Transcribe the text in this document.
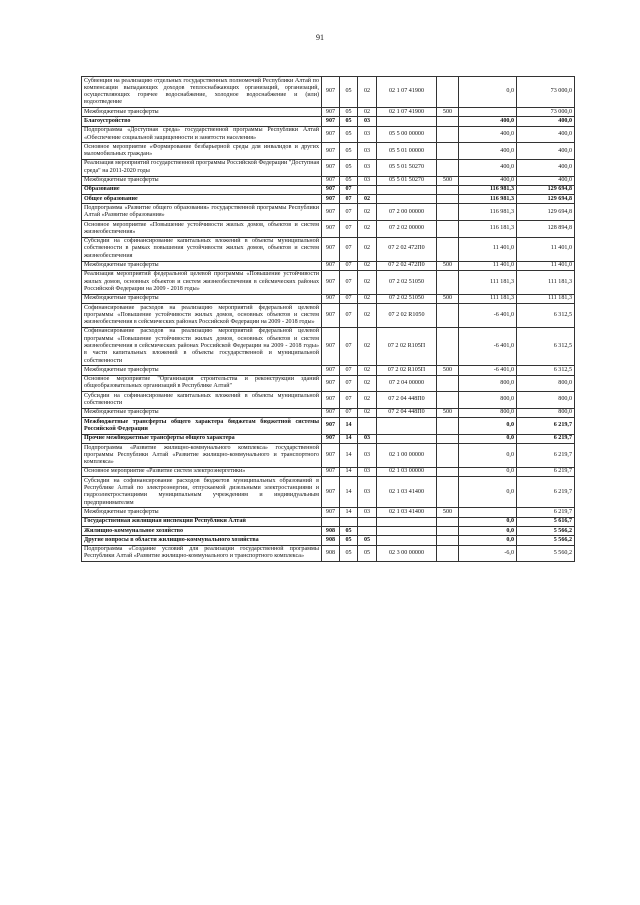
91
Субвенция на реализацию отдельных государственных полномочий Республики Алтай по компенсации выпадающих доходов теплоснабжающих организаций, организаций, осуществляющих горячее водоснабжение, холодное водоснабжение и (или) водоотведение	907	05	02	02 1 07 41900		0,0	73 000,0
Межбюджетные трансферты	907	05	02	02 1 07 41900	500		73 000,0
Благоустройство	907	05	03			400,0	400,0
Подпрограмма «Доступная среда» государственной программы Республики Алтай «Обеспечение социальной защищенности и занятости населения»	907	05	03	05 5 00 00000		400,0	400,0
Основное мероприятие «Формирование безбарьерной среды для инвалидов и других маломобильных граждан»	907	05	03	05 5 01 00000		400,0	400,0
Реализация мероприятий государственной программы Российской Федерации "Доступная среда" на 2011-2020 годы	907	05	03	05 5 01 50270		400,0	400,0
Межбюджетные трансферты	907	05	03	05 5 01 50270	500	400,0	400,0
Образование	907	07				116 981,3	129 694,8
Общее образование	907	07	02			116 981,3	129 694,8
Подпрограмма «Развитие общего образования» государственной программы Республики Алтай «Развитие образования»	907	07	02	07 2 00 00000		116 981,3	129 694,8
Основное мероприятие «Повышение устойчивости жилых домов, объектов и систем жизнеобеспечения»	907	07	02	07 2 02 00000		116 181,3	128 894,8
Субсидии на софинансирование капитальных вложений в объекты муниципальной собственности в рамках повышения устойчивости жилых домов, объектов и систем жизнеобеспечения	907	07	02	07 2 02 472П0		11 401,0	11 401,0
Межбюджетные трансферты	907	07	02	07 2 02 472П0	500	11 401,0	11 401,0
Реализация мероприятий федеральной целевой программы «Повышение устойчивости жилых домов, основных объектов и систем жизнеобеспечения в сейсмических районах Российской Федерации на 2009 - 2018 годы»	907	07	02	07 2 02 51050		111 181,3	111 181,3
Межбюджетные трансферты	907	07	02	07 2 02 51050	500	111 181,3	111 181,3
Софинансирование расходов на реализацию мероприятий федеральной целевой программы «Повышение устойчивости жилых домов, основных объектов и систем жизнеобеспечения в сейсмических районах Российской Федерации на 2009 - 2018 годы»	907	07	02	07 2 02 R1050		-6 401,0	6 312,5
Софинансирование расходов на реализацию мероприятий федеральной целевой программы «Повышение устойчивости жилых домов, основных объектов и систем жизнеобеспечения в сейсмических районах Российской Федерации на 2009 - 2018 годы» в части капитальных вложений в объекты государственной и муниципальной собственности	907	07	02	07 2 02 R105П		-6 401,0	6 312,5
Межбюджетные трансферты	907	07	02	07 2 02 R105П	500	-6 401,0	6 312,5
Основное мероприятие "Организация строительства и реконструкции зданий общеобразовательных организаций в Республике Алтай"	907	07	02	07 2 04 00000		800,0	800,0
Субсидии на софинансирование капитальных вложений в объекты муниципальной собственности	907	07	02	07 2 04 448П0		800,0	800,0
Межбюджетные трансферты	907	07	02	07 2 04 448П0	500	800,0	800,0
Межбюджетные трансферты общего характера бюджетам бюджетной системы Российской Федерации	907	14				0,0	6 219,7
Прочие межбюджетные трансферты общего характера	907	14	03			0,0	6 219,7
Подпрограмма «Развитие жилищно-коммунального комплекса» государственной программы Республики Алтай «Развитие жилищно-коммунального и транспортного комплекса»	907	14	03	02 1 00 00000		0,0	6 219,7
Основное мероприятие «Развитие систем электроэнергетики»	907	14	03	02 1 03 00000		0,0	6 219,7
Субсидии на софинансирование расходов бюджетов муниципальных образований в Республике Алтай по электроэнергии, отпускаемой дизельными электростанциями и гидроэлектростанциями муниципальным учреждениям и индивидуальным предпринимателям	907	14	03	02 1 03 41400		0,0	6 219,7
Межбюджетные трансферты	907	14	03	02 1 03 41400	500		6 219,7
Государственная жилищная инспекция Республики Алтай						0,0	5 616,7
Жилищно-коммунальное хозяйство	908	05				0,0	5 566,2
Другие вопросы в области жилищно-коммунального хозяйства	908	05	05			0,0	5 566,2
Подпрограмма «Создание условий для реализации государственной программы Республики Алтай «Развитие жилищно-коммунального и транспортного комплекса»	908	05	05	02 3 00 00000		-6,0	5 560,2
